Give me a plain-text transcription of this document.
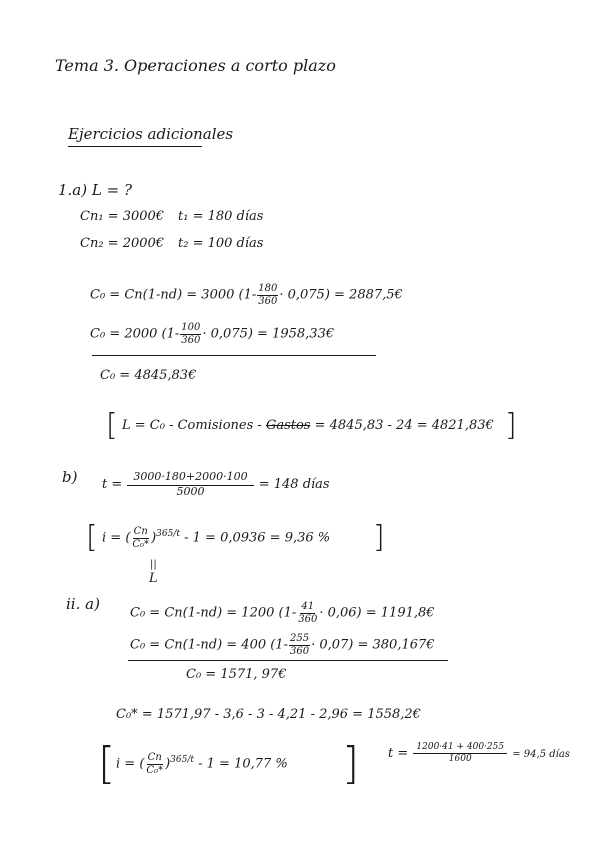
Tema 3. Operaciones a corto plazo
Ejercicios adicionales
1.a) L = ?
Cn₁ = 3000€ t₁ = 180 días
Cn₂ = 2000€ t₂ = 100 días
C₀ = Cn(1-nd) = 3000 $(1- \frac{180}{360} \cdot 0,075)$ = 2887,5€
C₀ = 2000 $(1- \frac{100}{360} \cdot 0,075)$ = 1958,33€
C₀ = 4845,83€
[ L = C₀ - Comisiones - Gastos = 4845,83 - 24 = 4821,83€ ]
b) $t = \frac{3000\cdot 180+2000\cdot 100}{5000} = 148$ días
[ i = ( $\frac{Cn}{\text{C₀*}} )^{365/t} - 1 = 0,0936 = 9,36$ % ]
||
L
ii. a) C₀ = Cn(1-nd) = 1200 $(1- \frac{41}{360} \cdot 0,06)$ = 1191,8€
C₀ = Cn(1-nd) = 400 $(1- \frac{255}{360} \cdot 0,07)$ = 380,167€
C₀ = 1571, 97€
C₀* = 1571,97 - 3,6 - 3 - 4,21 - 2,96 = 1558,2€
[ i = ( $\frac{Cn}{\text{C₀*}} )^{365/t} - 1 = 10,77$ % ] $t = \frac{1200\cdot 41 + 400\cdot 255}{1600} = 94,5$ días
